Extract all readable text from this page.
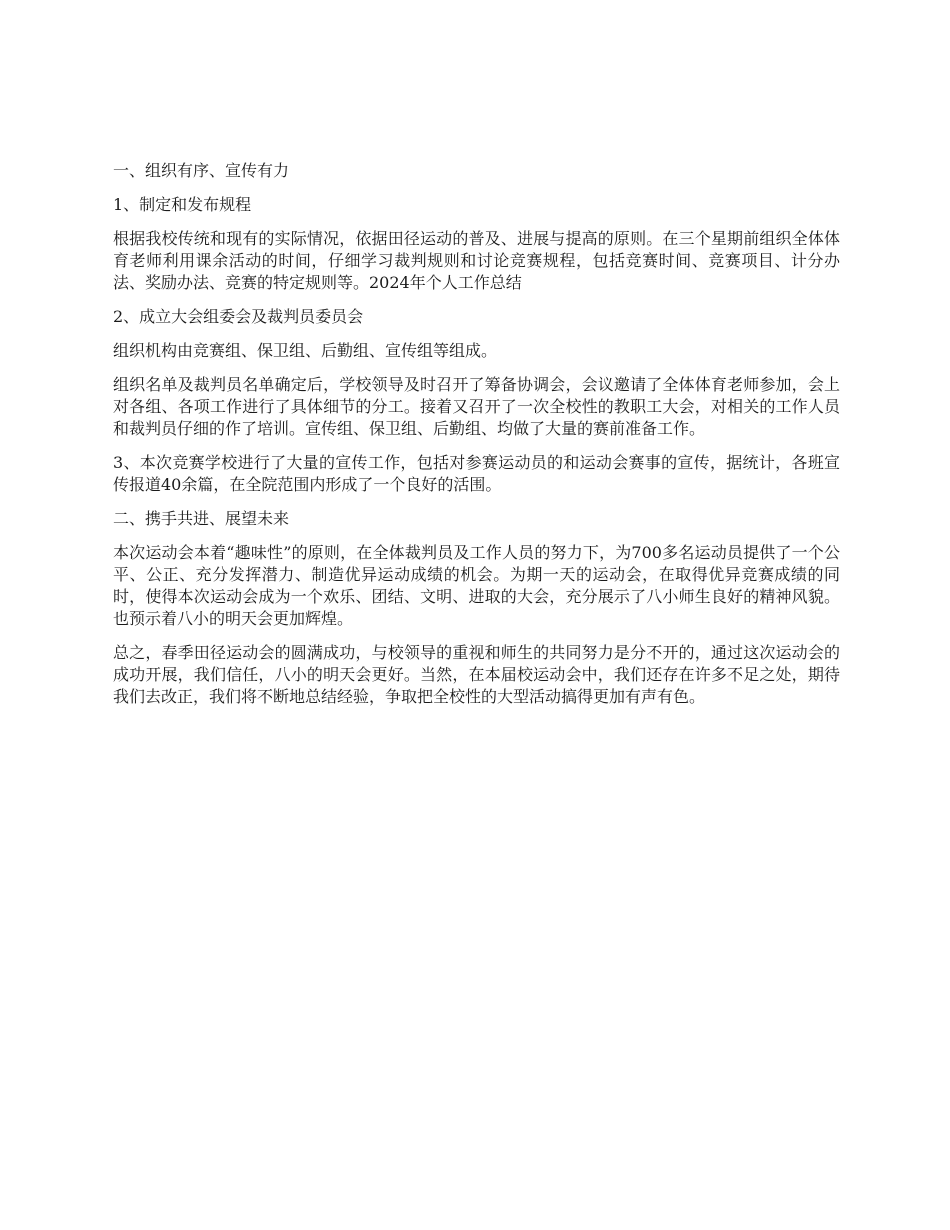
一、组织有序、宣传有力

1、制定和发布规程

根据我校传统和现有的实际情况，依据田径运动的普及、进展与提高的原则。在三个星期前组织全体体育老师利用课余活动的时间，仔细学习裁判规则和讨论竞赛规程，包括竞赛时间、竞赛项目、计分办法、奖励办法、竞赛的特定规则等。2024年个人工作总结

2、成立大会组委会及裁判员委员会

组织机构由竞赛组、保卫组、后勤组、宣传组等组成。

组织名单及裁判员名单确定后，学校领导及时召开了筹备协调会，会议邀请了全体体育老师参加，会上对各组、各项工作进行了具体细节的分工。接着又召开了一次全校性的教职工大会，对相关的工作人员和裁判员仔细的作了培训。宣传组、保卫组、后勤组、均做了大量的赛前准备工作。

3、本次竞赛学校进行了大量的宣传工作，包括对参赛运动员的和运动会赛事的宣传，据统计，各班宣传报道40余篇，在全院范围内形成了一个良好的活围。

二、携手共进、展望未来

本次运动会本着“趣味性”的原则，在全体裁判员及工作人员的努力下，为700多名运动员提供了一个公平、公正、充分发挥潜力、制造优异运动成绩的机会。为期一天的运动会，在取得优异竞赛成绩的同时，使得本次运动会成为一个欢乐、团结、文明、进取的大会，充分展示了八小师生良好的精神风貌。也预示着八小的明天会更加辉煌。

总之，春季田径运动会的圆满成功，与校领导的重视和师生的共同努力是分不开的，通过这次运动会的成功开展，我们信任，八小的明天会更好。当然，在本届校运动会中，我们还存在许多不足之处，期待我们去改正，我们将不断地总结经验，争取把全校性的大型活动搞得更加有声有色。
